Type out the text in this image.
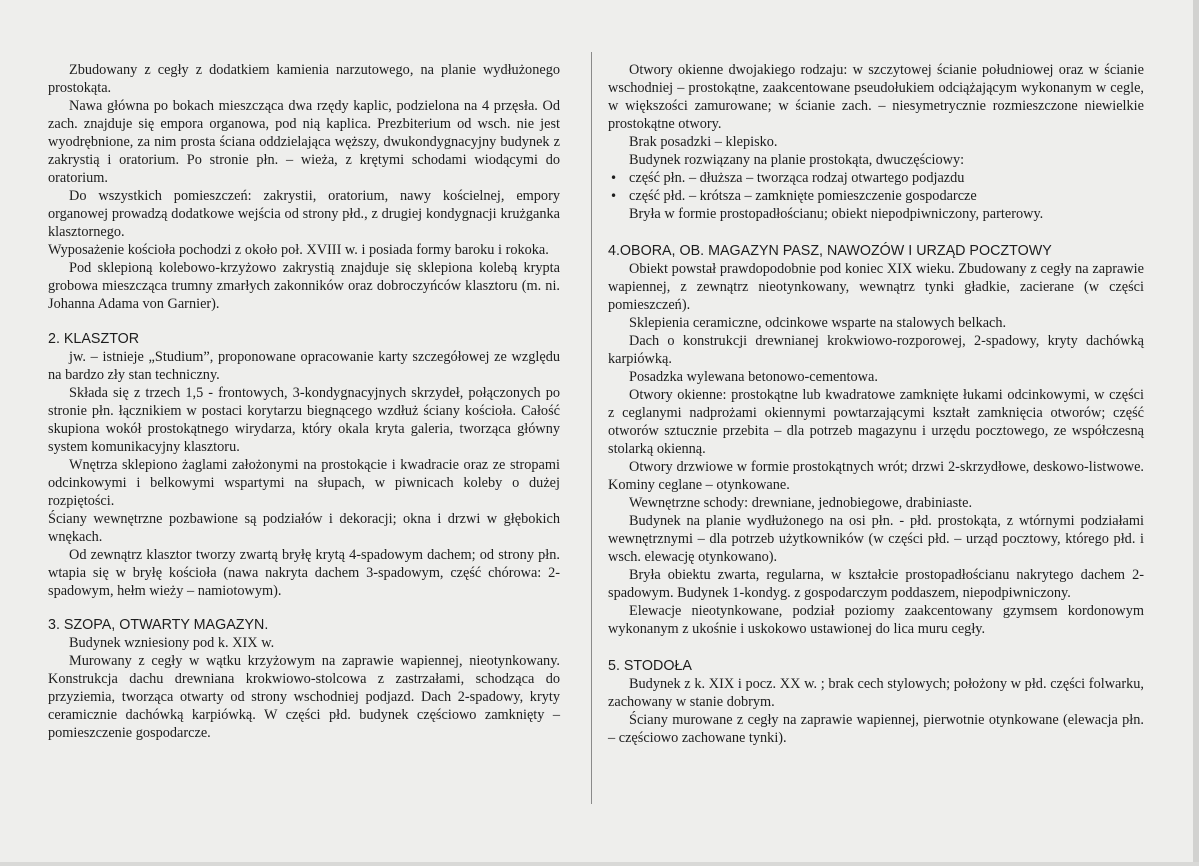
Zbudowany z cegły z dodatkiem kamienia narzutowego, na planie wydłużonego prostokąta.

Nawa główna po bokach mieszcząca dwa rzędy kaplic, podzielona na 4 przęsła. Od zach. znajduje się empora organowa, pod nią kaplica. Prezbiterium od wsch. nie jest wyodrębnione, za nim prosta ściana oddzielająca węższy, dwukondygnacyjny budynek z zakrystią i oratorium. Po stronie płn. – wieża, z krętymi schodami wiodącymi do oratorium.

Do wszystkich pomieszczeń: zakrystii, oratorium, nawy kościelnej, empory organowej prowadzą dodatkowe wejścia od strony płd., z drugiej kondygnacji krużganka klasztornego.

Wyposażenie kościoła pochodzi z około poł. XVIII w. i posiada formy baroku i rokoka.

Pod sklepioną kolebowo-krzyżowo zakrystią znajduje się sklepiona kolebą krypta grobowa mieszcząca trumny zmarłych zakonników oraz dobroczyńców klasztoru (m. ni. Johanna Adama von Garnier).

2. KLASZTOR

jw. – istnieje „Studium”, proponowane opracowanie karty szczegółowej ze względu na bardzo zły stan techniczny.

Składa się z trzech 1,5 - frontowych, 3-kondygnacyjnych skrzydeł, połączonych po stronie płn. łącznikiem w postaci korytarzu biegnącego wzdłuż ściany kościoła. Całość skupiona wokół prostokątnego wirydarza, który okala kryta galeria, tworząca główny system komunikacyjny klasztoru.

Wnętrza sklepiono żaglami założonymi na prostokącie i kwadracie oraz ze stropami odcinkowymi i belkowymi wspartymi na słupach, w piwnicach koleby o dużej rozpiętości.

Ściany wewnętrzne pozbawione są podziałów i dekoracji; okna i drzwi w głębokich wnękach.

Od zewnątrz klasztor tworzy zwartą bryłę krytą 4-spadowym dachem; od strony płn. wtapia się w bryłę kościoła (nawa nakryta dachem 3-spadowym, część chórowa: 2-spadowym, hełm wieży – namiotowym).

3. SZOPA, OTWARTY MAGAZYN.

Budynek wzniesiony pod k. XIX w.

Murowany z cegły w wątku krzyżowym na zaprawie wapiennej, nieotynkowany. Konstrukcja dachu drewniana krokwiowo-stolcowa z zastrzałami, schodząca do przyziemia, tworząca otwarty od strony wschodniej podjazd. Dach 2-spadowy, kryty ceramicznie dachówką karpiówką. W części płd. budynek częściowo zamknięty – pomieszczenie gospodarcze.

Otwory okienne dwojakiego rodzaju: w szczytowej ścianie południowej oraz w ścianie wschodniej – prostokątne, zaakcentowane pseudołukiem odciążającym wykonanym w cegle, w większości zamurowane; w ścianie zach. – niesymetrycznie rozmieszczone niewielkie prostokątne otwory.

Brak posadzki – klepisko.

Budynek rozwiązany na planie prostokąta, dwuczęściowy:

• część płn. – dłuższa – tworząca rodzaj otwartego podjazdu
• część płd. – krótsza – zamknięte pomieszczenie gospodarcze

Bryła w formie prostopadłościanu; obiekt niepodpiwniczony, parterowy.

4.OBORA, OB. MAGAZYN PASZ, NAWOZÓW I URZĄD POCZTOWY

Obiekt powstał prawdopodobnie pod koniec XIX wieku. Zbudowany z cegły na zaprawie wapiennej, z zewnątrz nieotynkowany, wewnątrz tynki gładkie, zacierane (w części pomieszczeń).

Sklepienia ceramiczne, odcinkowe wsparte na stalowych belkach.

Dach o konstrukcji drewnianej krokwiowo-rozporowej, 2-spadowy, kryty dachówką karpiówką.

Posadzka wylewana betonowo-cementowa.

Otwory okienne: prostokątne lub kwadratowe zamknięte łukami odcinkowymi, w części z ceglanymi nadprożami okiennymi powtarzającymi kształt zamknięcia otworów; część otworów sztucznie przebita – dla potrzeb magazynu i urzędu pocztowego, ze współczesną stolarką okienną.

Otwory drzwiowe w formie prostokątnych wrót; drzwi 2-skrzydłowe, deskowo-listwowe. Kominy ceglane – otynkowane.

Wewnętrzne schody: drewniane, jednobiegowe, drabiniaste.

Budynek na planie wydłużonego na osi płn. - płd. prostokąta, z wtórnymi podziałami wewnętrznymi – dla potrzeb użytkowników (w części płd. – urząd pocztowy, którego płd. i wsch. elewację otynkowano).

Bryła obiektu zwarta, regularna, w kształcie prostopadłościanu nakrytego dachem 2-spadowym. Budynek 1-kondyg. z gospodarczym poddaszem, niepodpiwniczony.

Elewacje nieotynkowane, podział poziomy zaakcentowany gzymsem kordonowym wykonanym z ukośnie i uskokowo ustawionej do lica muru cegły.

5. STODOŁA

Budynek z k. XIX i pocz. XX w. ; brak cech stylowych; położony w płd. części folwarku, zachowany w stanie dobrym.

Ściany murowane z cegły na zaprawie wapiennej, pierwotnie otynkowane (elewacja płn. – częściowo zachowane tynki).
